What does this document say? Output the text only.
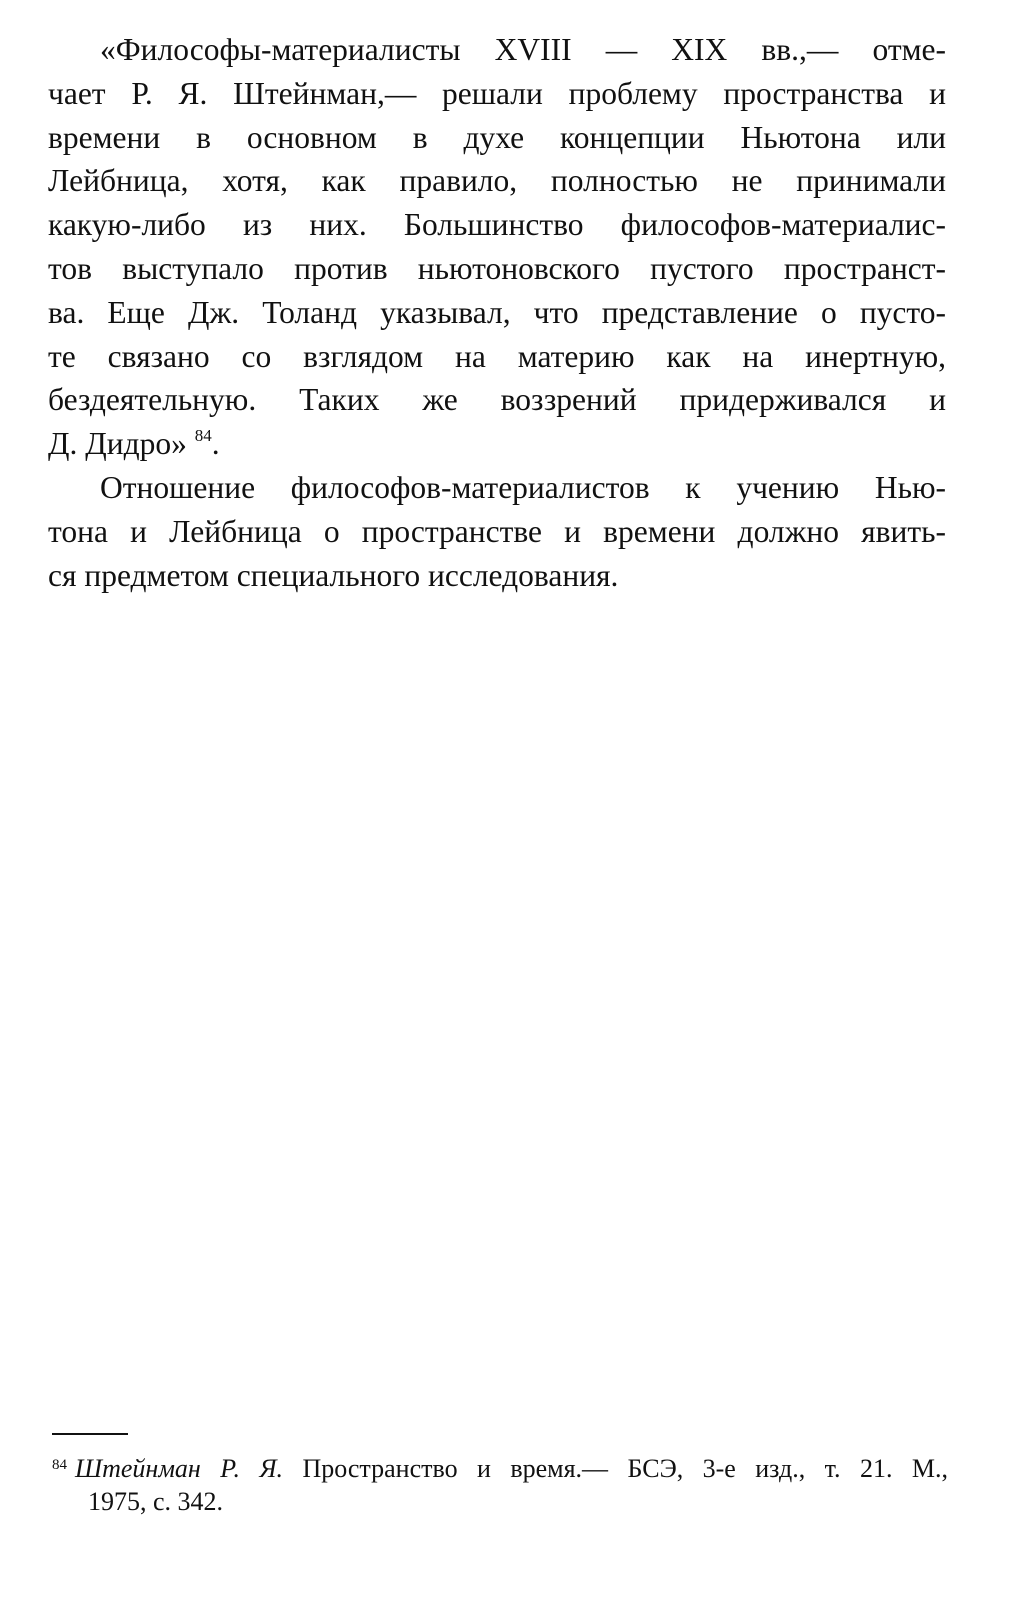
«Философы-материалисты XVIII — XIX вв.,— отме-
чает Р. Я. Штейнман,— решали проблему пространства и
времени в основном в духе концепции Ньютона или
Лейбница, хотя, как правило, полностью не принимали
какую-либо из них. Большинство философов-материалис-
тов выступало против ньютоновского пустого пространст-
ва. Еще Дж. Толанд указывал, что представление о пусто-
те связано со взглядом на материю как на инертную,
бездеятельную. Таких же воззрений придерживался и
Д. Дидро» $^{84}$.
Отношение философов-материалистов к учению Нью-
тона и Лейбница о пространстве и времени должно явить-
ся предметом специального исследования.
$^{84}$ Штейнман Р. Я. Пространство и время.— БСЭ, 3-е изд., т. 21. М.,
1975, с. 342.
